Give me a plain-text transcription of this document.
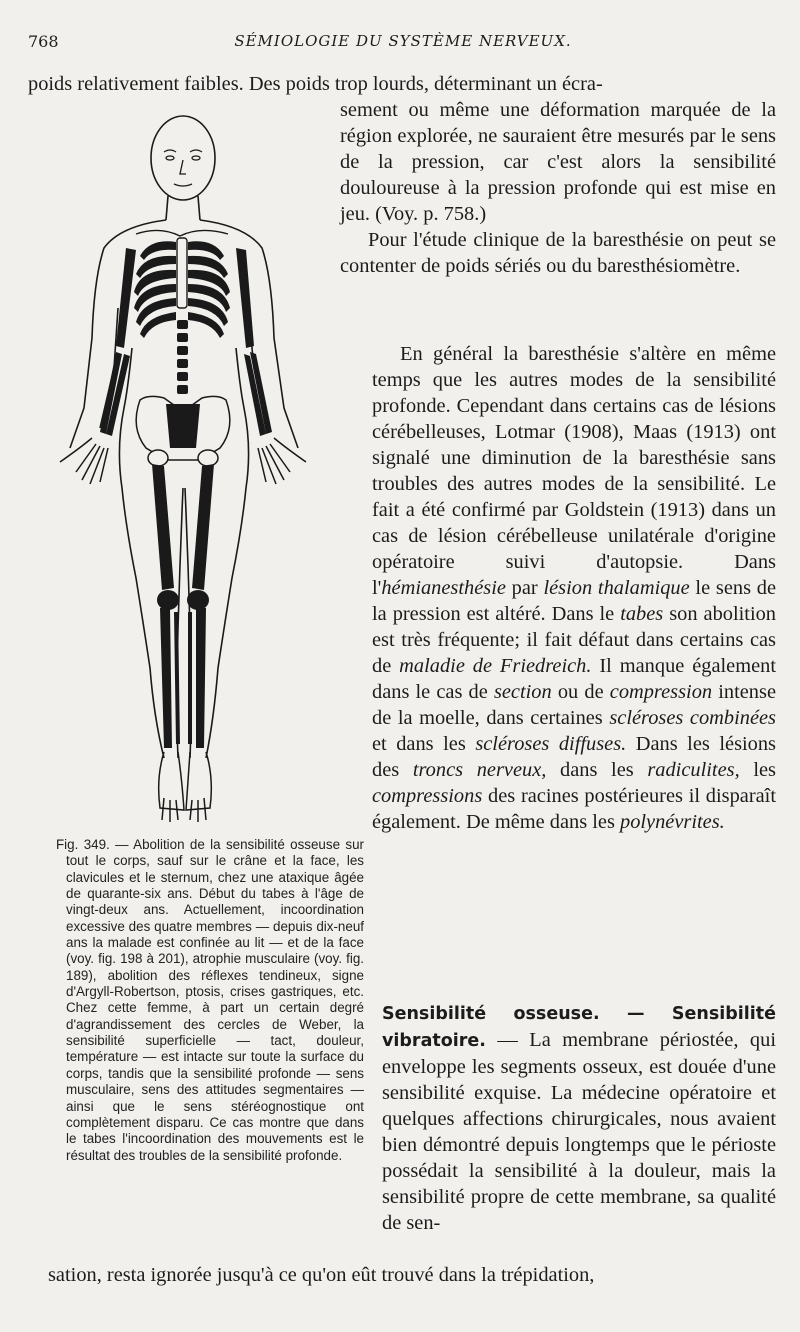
768	SÉMIOLOGIE DU SYSTÈME NERVEUX.
poids relativement faibles. Des poids trop lourds, déterminant un écra-

sement ou même une déformation marquée de la région explorée, ne sauraient être mesurés par le sens de la pression, car c'est alors la sensibilité douloureuse à la pression profonde qui est mise en jeu. (Voy. p. 758.)

Pour l'étude clinique de la baresthésie on peut se contenter de poids sériés ou du baresthésiomètre.

En général la baresthésie s'altère en même temps que les autres modes de la sensibilité profonde. Cependant dans certains cas de lésions cérébelleuses, Lotmar (1908), Maas (1913) ont signalé une diminution de la baresthésie sans troubles des autres modes de la sensibilité. Le fait a été confirmé par Goldstein (1913) dans un cas de lésion cérébelleuse unilatérale d'origine opératoire suivi d'autopsie. Dans l'hémianesthésie par lésion thalamique le sens de la pression est altéré. Dans le tabes son abolition est très fréquente; il fait défaut dans certains cas de maladie de Friedreich. Il manque également dans le cas de section ou de compression intense de la moelle, dans certaines scléroses combinées et dans les scléroses diffuses. Dans les lésions des troncs nerveux, dans les radiculites, les compressions des racines postérieures il disparaît également. De même dans les polynévrites.

Sensibilité osseuse. — Sensibilité vibratoire. — La membrane périostée, qui enveloppe les segments osseux, est douée d'une sensibilité exquise. La médecine opératoire et quelques affections chirurgicales, nous avaient bien démontré depuis longtemps que le périoste possédait la sensibilité à la douleur, mais la sensibilité propre de cette membrane, sa qualité de sen-

sation, resta ignorée jusqu'à ce qu'on eût trouvé dans la trépidation,
Fig. 349. — Abolition de la sensibilité osseuse sur tout le corps, sauf sur le crâne et la face, les clavicules et le sternum, chez une ataxique âgée de quarante-six ans. Début du tabes à l'âge de vingt-deux ans. Actuellement, incoordination excessive des quatre membres — depuis dix-neuf ans la malade est confinée au lit — et de la face (voy. fig. 198 à 201), atrophie musculaire (voy. fig. 189), abolition des réflexes tendineux, signe d'Argyll-Robertson, ptosis, crises gastriques, etc. Chez cette femme, à part un certain degré d'agrandissement des cercles de Weber, la sensibilité superficielle — tact, douleur, température — est intacte sur toute la surface du corps, tandis que la sensibilité profonde — sens musculaire, sens des attitudes segmentaires — ainsi que le sens stéréognostique ont complètement disparu. Ce cas montre que dans le tabes l'incoordination des mouvements est le résultat des troubles de la sensibilité profonde.
